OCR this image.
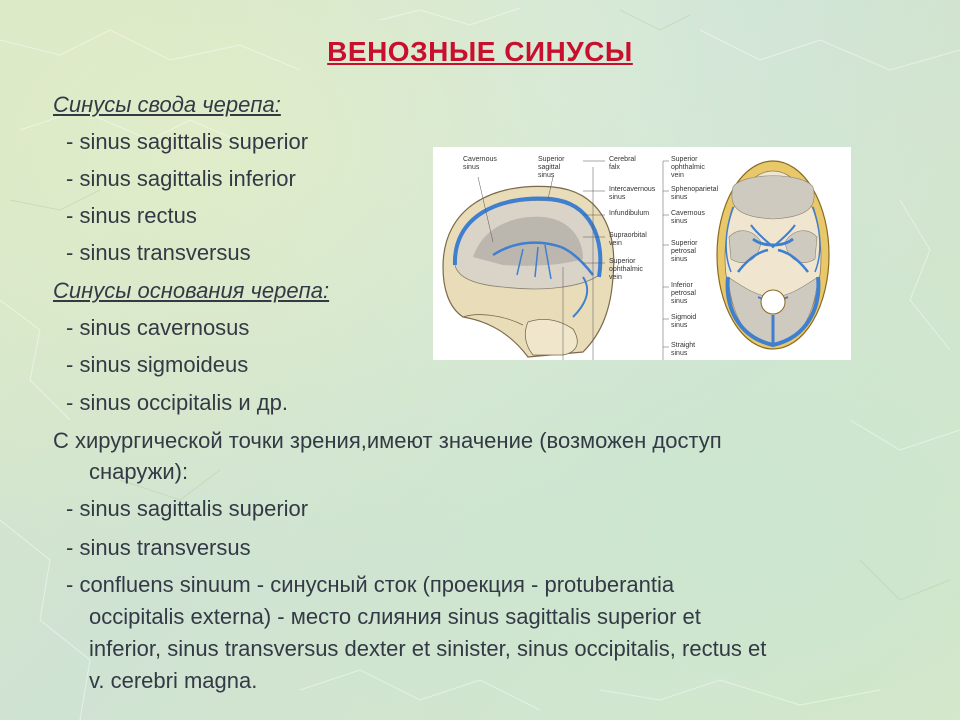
ВЕНОЗНЫЕ СИНУСЫ
Синусы свода черепа:
- sinus sagittalis superior
- sinus sagittalis inferior
- sinus rectus
- sinus transversus
Синусы основания черепа:
- sinus cavernosus
- sinus sigmoideus
- sinus occipitalis и др.
С хирургической точки зрения,имеют значение (возможен доступ
снаружи):
- sinus sagittalis superior
- sinus transversus
- confluens sinuum - синусный сток (проекция - protuberantia
occipitalis externa) - место слияния sinus sagittalis superior et
inferior, sinus transversus dexter et sinister, sinus occipitalis, rectus et
v. cerebri magna.
Cavernous
sinus
Superior
sagittal
sinus
Cerebral
falx
Intercavernous
sinus
Infundibulum
Supraorbital
vein
Superior
ophthalmic
vein
Superior
ophthalmic
vein
Sphenoparietal
sinus
Cavernous
sinus
Superior
petrosal
sinus
Inferior
petrosal
sinus
Sigmoid
sinus
Straight
sinus
